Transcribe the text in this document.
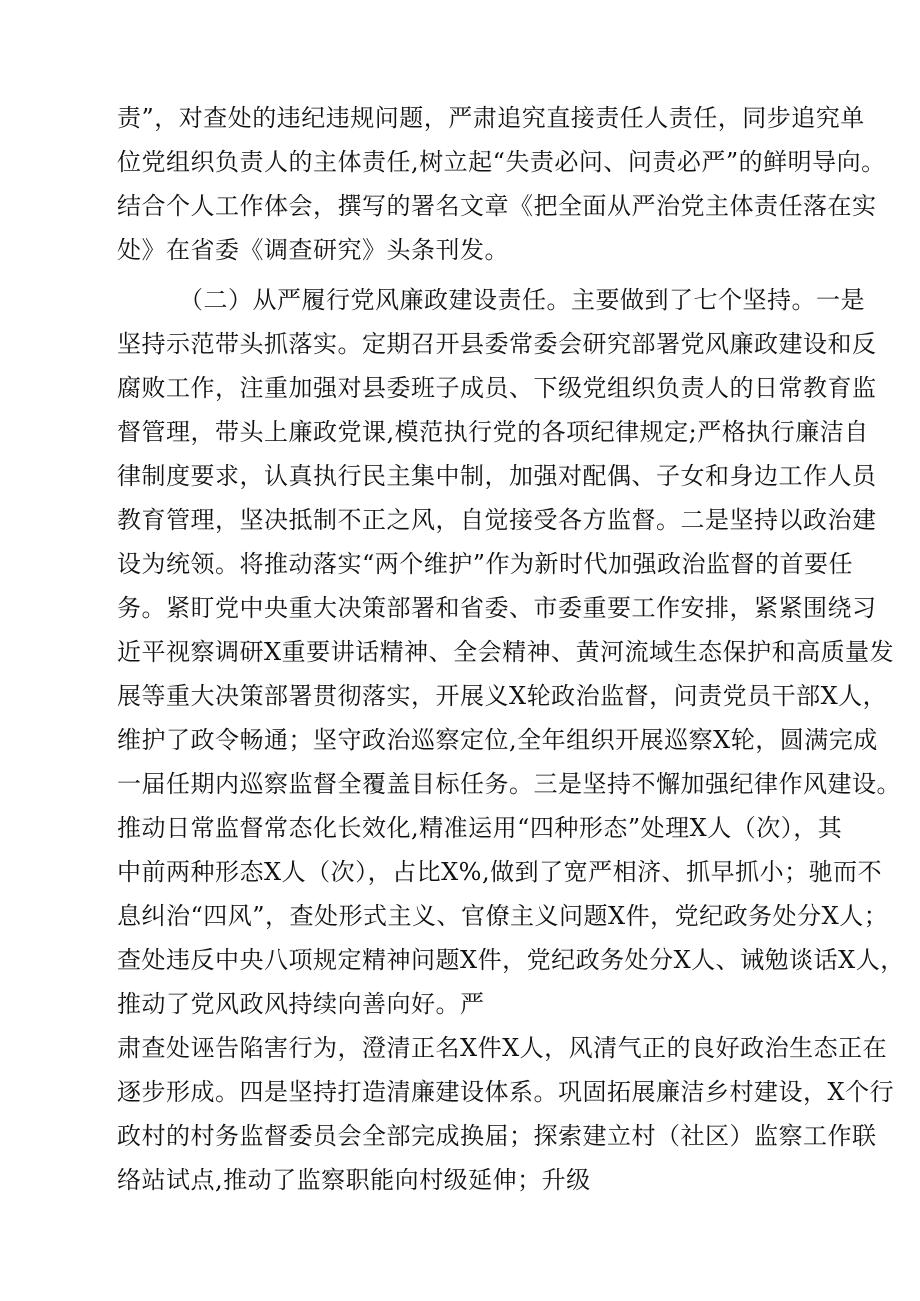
责”，对查处的违纪违规问题，严肃追究直接责任人责任，同步追究单
位党组织负责人的主体责任,树立起“失责必问、问责必严”的鲜明导向。
结合个人工作体会，撰写的署名文章《把全面从严治党主体责任落在实
处》在省委《调查研究》头条刊发。
（二）从严履行党风廉政建设责任。主要做到了七个坚持。一是
坚持示范带头抓落实。定期召开县委常委会研究部署党风廉政建设和反
腐败工作，注重加强对县委班子成员、下级党组织负责人的日常教育监
督管理，带头上廉政党课,模范执行党的各项纪律规定;严格执行廉洁自
律制度要求，认真执行民主集中制，加强对配偶、子女和身边工作人员
教育管理，坚决抵制不正之风，自觉接受各方监督。二是坚持以政治建
设为统领。将推动落实“两个维护”作为新时代加强政治监督的首要任
务。紧盯党中央重大决策部署和省委、市委重要工作安排，紧紧围绕习
近平视察调研X重要讲话精神、全会精神、黄河流域生态保护和高质量发
展等重大决策部署贯彻落实，开展义X轮政治监督，问责党员干部X人，
维护了政令畅通；坚守政治巡察定位,全年组织开展巡察X轮，圆满完成
一届任期内巡察监督全覆盖目标任务。三是坚持不懈加强纪律作风建设。
推动日常监督常态化长效化,精准运用“四种形态”处理X人（次），其
中前两种形态X人（次），占比X%,做到了宽严相济、抓早抓小；驰而不
息纠治“四风”，查处形式主义、官僚主义问题X件，党纪政务处分X人；
查处违反中央八项规定精神问题X件，党纪政务处分X人、诫勉谈话X人，
推动了党风政风持续向善向好。严
肃查处诬告陷害行为，澄清正名X件X人，风清气正的良好政治生态正在
逐步形成。四是坚持打造清廉建设体系。巩固拓展廉洁乡村建设，X个行
政村的村务监督委员会全部完成换届；探索建立村（社区）监察工作联
络站试点,推动了监察职能向村级延伸；升级
